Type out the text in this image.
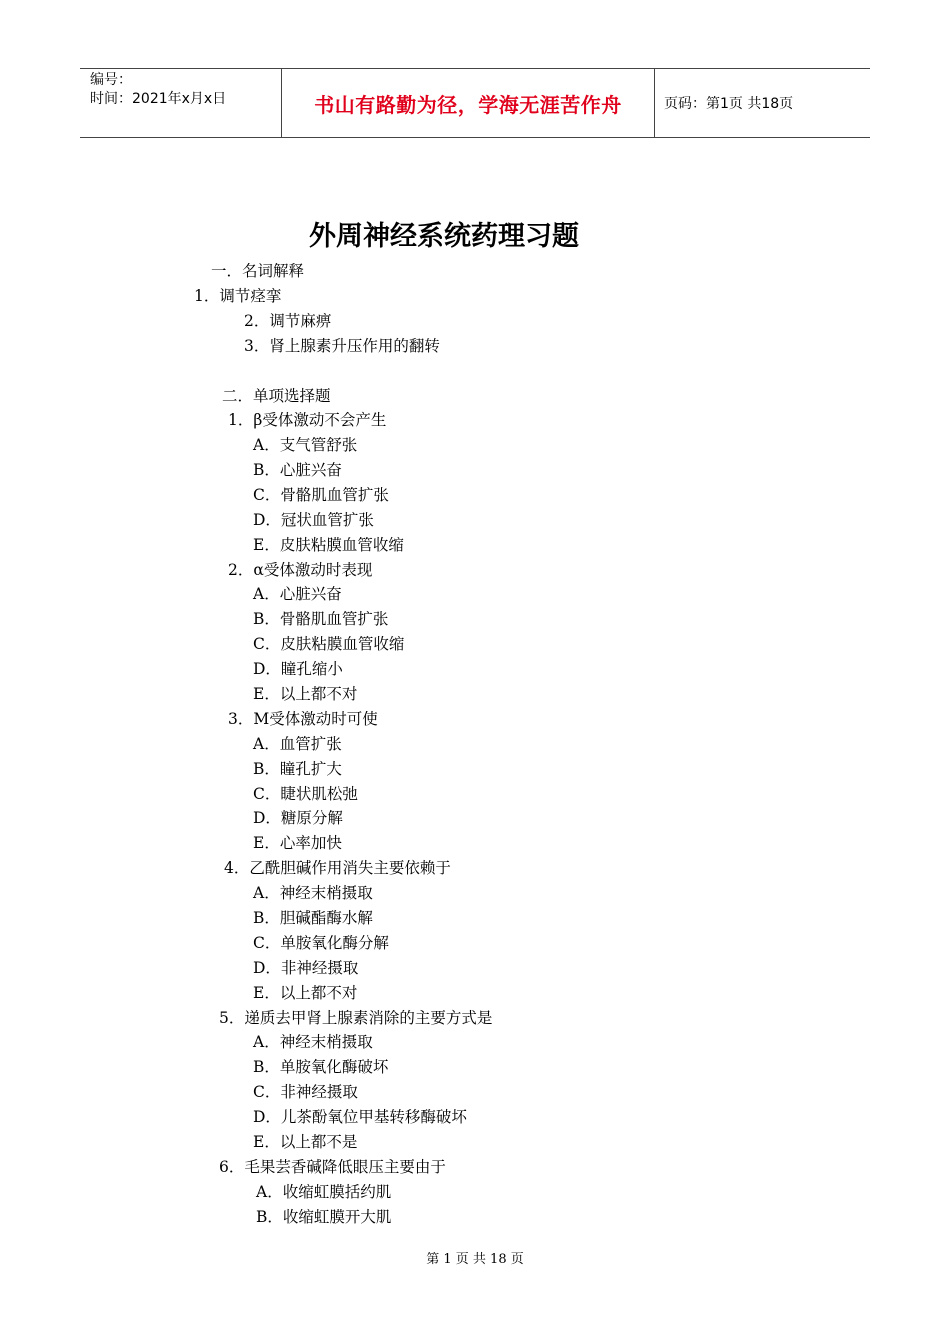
编号：
时间：2021年x月x日	书山有路勤为径，学海无涯苦作舟	页码：第1页 共18页
外周神经系统药理习题
一．名词解释
1．调节痉挛
2．调节麻痹
3．肾上腺素升压作用的翻转
二．单项选择题
1．β受体激动不会产生
A．支气管舒张
B．心脏兴奋
C．骨骼肌血管扩张
D．冠状血管扩张
E．皮肤粘膜血管收缩
2．α受体激动时表现
A．心脏兴奋
B．骨骼肌血管扩张
C．皮肤粘膜血管收缩
D．瞳孔缩小
E．以上都不对
3．M受体激动时可使
A．血管扩张
B．瞳孔扩大
C．睫状肌松弛
D．糖原分解
E．心率加快
4．乙酰胆碱作用消失主要依赖于
A．神经末梢摄取
B．胆碱酯酶水解
C．单胺氧化酶分解
D．非神经摄取
E．以上都不对
5．递质去甲肾上腺素消除的主要方式是
A．神经末梢摄取
B．单胺氧化酶破坏
C．非神经摄取
D．儿茶酚氧位甲基转移酶破坏
E．以上都不是
6．毛果芸香碱降低眼压主要由于
A．收缩虹膜括约肌
B．收缩虹膜开大肌
第 1 页 共 18 页
